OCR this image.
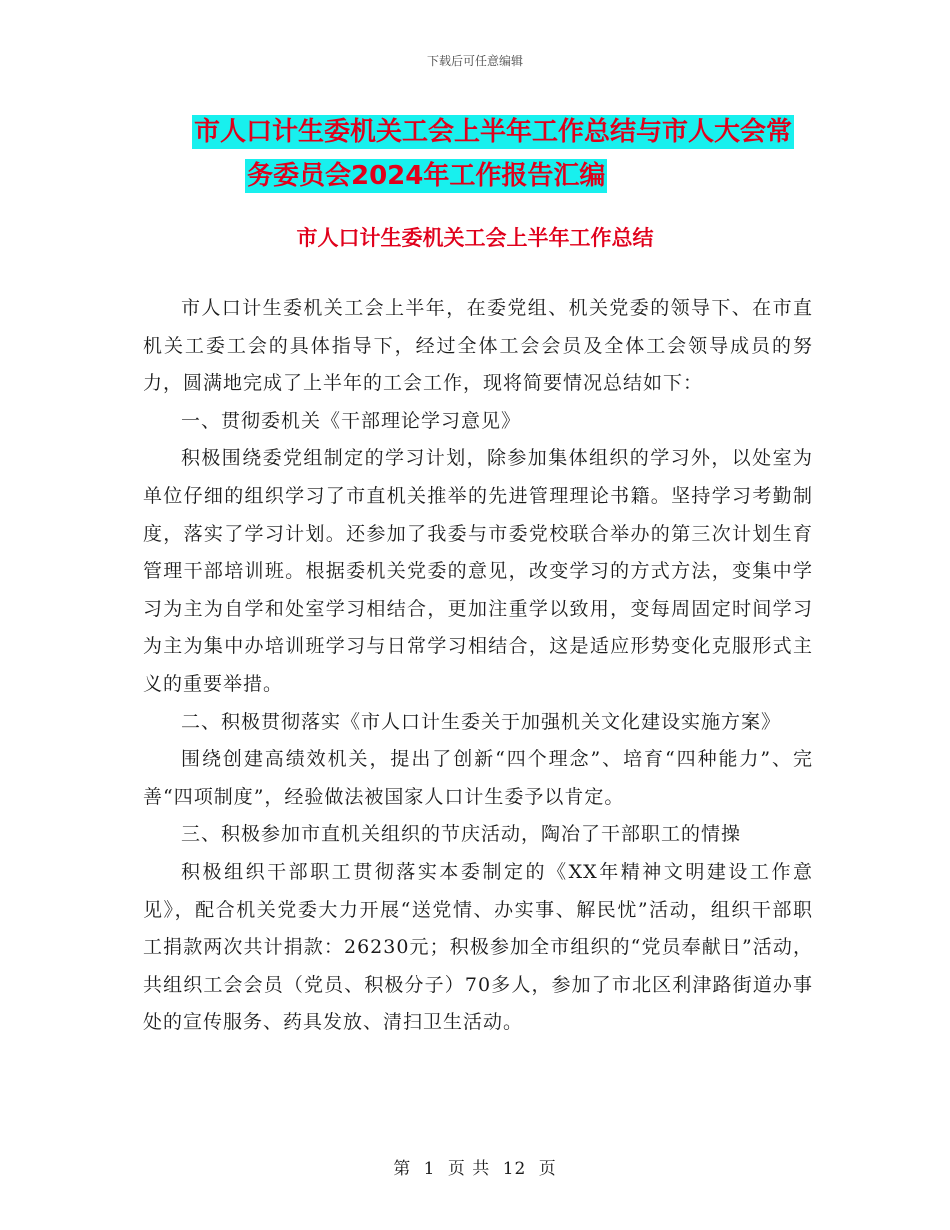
下载后可任意编辑
市人口计生委机关工会上半年工作总结与市人大会常
务委员会2024年工作报告汇编
市人口计生委机关工会上半年工作总结

市人口计生委机关工会上半年，在委党组、机关党委的领导下、在市直机关工委工会的具体指导下，经过全体工会会员及全体工会领导成员的努力，圆满地完成了上半年的工会工作，现将简要情况总结如下：

一、贯彻委机关《干部理论学习意见》

积极围绕委党组制定的学习计划，除参加集体组织的学习外，以处室为单位仔细的组织学习了市直机关推举的先进管理理论书籍。坚持学习考勤制度，落实了学习计划。还参加了我委与市委党校联合举办的第三次计划生育管理干部培训班。根据委机关党委的意见，改变学习的方式方法，变集中学习为主为自学和处室学习相结合，更加注重学以致用，变每周固定时间学习为主为集中办培训班学习与日常学习相结合，这是适应形势变化克服形式主义的重要举措。

二、积极贯彻落实《市人口计生委关于加强机关文化建设实施方案》

围绕创建高绩效机关，提出了创新“四个理念”、培育“四种能力”、完善“四项制度”，经验做法被国家人口计生委予以肯定。

三、积极参加市直机关组织的节庆活动，陶冶了干部职工的情操

积极组织干部职工贯彻落实本委制定的《XX年精神文明建设工作意见》，配合机关党委大力开展“送党情、办实事、解民忧”活动，组织干部职工捐款两次共计捐款：26230元；积极参加全市组织的“党员奉献日”活动，共组织工会会员（党员、积极分子）70多人，参加了市北区利津路街道办事处的宣传服务、药具发放、清扫卫生活动。

第 1 页 共 12 页
